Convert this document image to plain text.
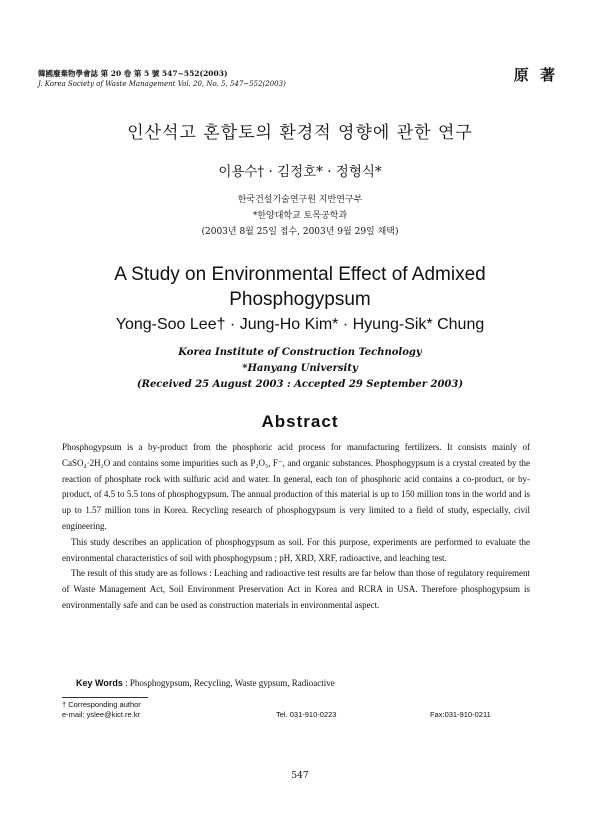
韓國廢棄物學會誌 第 20 卷 第 5 號 547~552(2003)
J. Korea Society of Waste Management Vol. 20, No. 5, 547~552(2003)	原 著
인산석고 혼합토의 환경적 영향에 관한 연구
이용수† · 김정호* · 정형식*
한국건설기술연구원 지반연구부
*한양대학교 토목공학과
(2003년 8월 25일 접수, 2003년 9월 29일 채택)
A Study on Environmental Effect of Admixed
Phosphogypsum
Yong-Soo Lee† · Jung-Ho Kim* · Hyung-Sik* Chung
Korea Institute of Construction Technology
*Hanyang University
(Received 25 August 2003 : Accepted 29 September 2003)
Abstract

Phosphogypsum is a by-product from the phosphoric acid process for manufacturing fertilizers. It consists mainly of CaSO₄·2H₂O and contains some impurities such as P₂O₅, F⁻, and organic substances. Phosphogypsum is a crystal created by the reaction of phosphate rock with sulfuric acid and water. In general, each ton of phosphoric acid contains a co-product, or by-product, of 4.5 to 5.5 tons of phosphogypsum. The annual production of this material is up to 150 million tons in the world and is up to 1.57 million tons in Korea. Recycling research of phosphogypsum is very limited to a field of study, especially, civil engineering.

This study describes an application of phosphogypsum as soil. For this purpose, experiments are performed to evaluate the environmental characteristics of soil with phosphogypsum ; pH, XRD, XRF, radioactive, and leaching test.

The result of this study are as follows : Leaching and radioactive test results are far below than those of regulatory requirement of Waste Management Act, Soil Environment Preservation Act in Korea and RCRA in USA. Therefore phosphogypsum is environmentally safe and can be used as construction materials in environmental aspect.

Key Words : Phosphogypsum, Recycling, Waste gypsum, Radioactive
† Corresponding author
e-mail: yslee@kict.re.kr	Tel. 031-910-0223	Fax:031-910-0211
547
